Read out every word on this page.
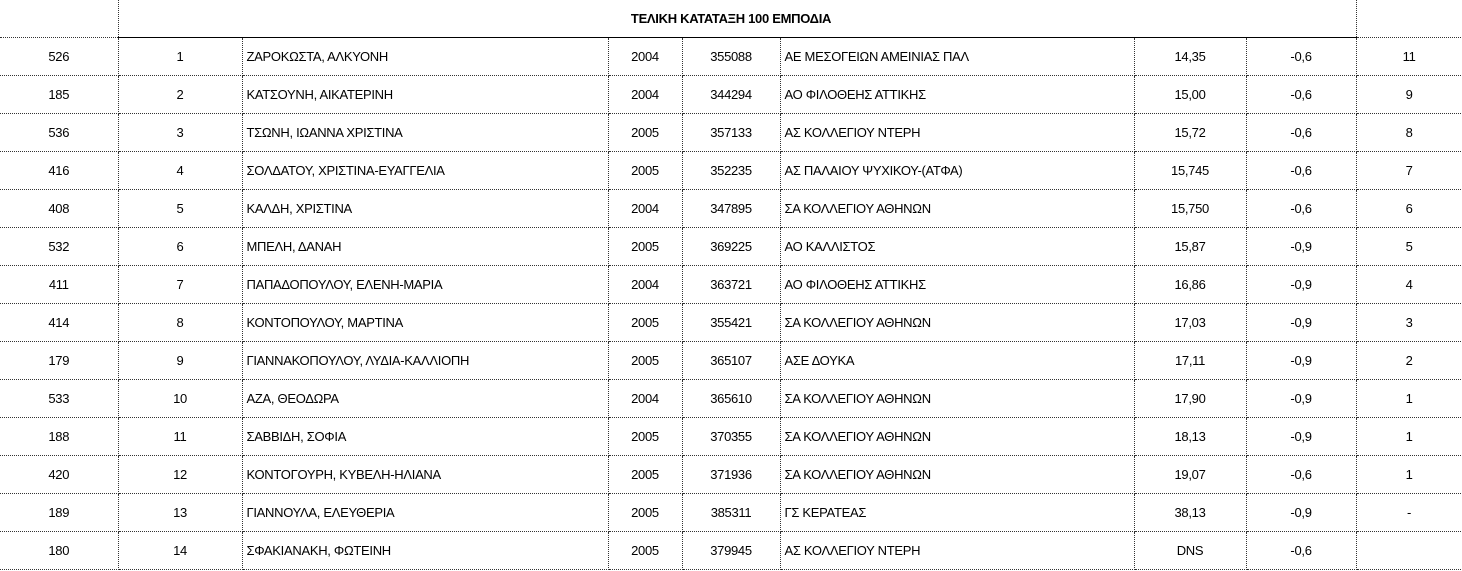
	ΤΕΛΙΚΗ ΚΑΤΑΤΑΞΗ 100 ΕΜΠΟΔΙΑ							
526	1	ΖΑΡΟΚΩΣΤΑ, ΑΛΚΥΟΝΗ	2004	355088	ΑΕ ΜΕΣΟΓΕΙΩΝ ΑΜΕΙΝΙΑΣ ΠΑΛ	14,35	-0,6	11
185	2	ΚΑΤΣΟΥΝΗ, ΑΙΚΑΤΕΡΙΝΗ	2004	344294	ΑΟ ΦΙΛΟΘΕΗΣ ΑΤΤΙΚΗΣ	15,00	-0,6	9
536	3	ΤΣΩΝΗ, ΙΩΑΝΝΑ ΧΡΙΣΤΙΝΑ	2005	357133	ΑΣ ΚΟΛΛΕΓΙΟΥ ΝΤΕΡΗ	15,72	-0,6	8
416	4	ΣΟΛΔΑΤΟΥ, ΧΡΙΣΤΙΝΑ-ΕΥΑΓΓΕΛΙΑ	2005	352235	ΑΣ ΠΑΛΑΙΟΥ ΨΥΧΙΚΟΥ-(ΑΤΦΑ)	15,745	-0,6	7
408	5	ΚΑΛΔΗ, ΧΡΙΣΤΙΝΑ	2004	347895	ΣΑ ΚΟΛΛΕΓΙΟΥ ΑΘΗΝΩΝ	15,750	-0,6	6
532	6	ΜΠΕΛΗ, ΔΑΝΑΗ	2005	369225	ΑΟ ΚΑΛΛΙΣΤΟΣ	15,87	-0,9	5
411	7	ΠΑΠΑΔΟΠΟΥΛΟΥ, ΕΛΕΝΗ-ΜΑΡΙΑ	2004	363721	ΑΟ ΦΙΛΟΘΕΗΣ ΑΤΤΙΚΗΣ	16,86	-0,9	4
414	8	ΚΟΝΤΟΠΟΥΛΟΥ, ΜΑΡΤΙΝΑ	2005	355421	ΣΑ ΚΟΛΛΕΓΙΟΥ ΑΘΗΝΩΝ	17,03	-0,9	3
179	9	ΓΙΑΝΝΑΚΟΠΟΥΛΟΥ, ΛΥΔΙΑ-ΚΑΛΛΙΟΠΗ	2005	365107	ΑΣΕ ΔΟΥΚΑ	17,11	-0,9	2
533	10	ΑΖΑ, ΘΕΟΔΩΡΑ	2004	365610	ΣΑ ΚΟΛΛΕΓΙΟΥ ΑΘΗΝΩΝ	17,90	-0,9	1
188	11	ΣΑΒΒΙΔΗ, ΣΟΦΙΑ	2005	370355	ΣΑ ΚΟΛΛΕΓΙΟΥ ΑΘΗΝΩΝ	18,13	-0,9	1
420	12	ΚΟΝΤΟΓΟΥΡΗ, ΚΥΒΕΛΗ-ΗΛΙΑΝΑ	2005	371936	ΣΑ ΚΟΛΛΕΓΙΟΥ ΑΘΗΝΩΝ	19,07	-0,6	1
189	13	ΓΙΑΝΝΟΥΛΑ, ΕΛΕΥΘΕΡΙΑ	2005	385311	ΓΣ ΚΕΡΑΤΕΑΣ	38,13	-0,9	-
180	14	ΣΦΑΚΙΑΝΑΚΗ, ΦΩΤΕΙΝΗ	2005	379945	ΑΣ ΚΟΛΛΕΓΙΟΥ ΝΤΕΡΗ	DNS	-0,6	
